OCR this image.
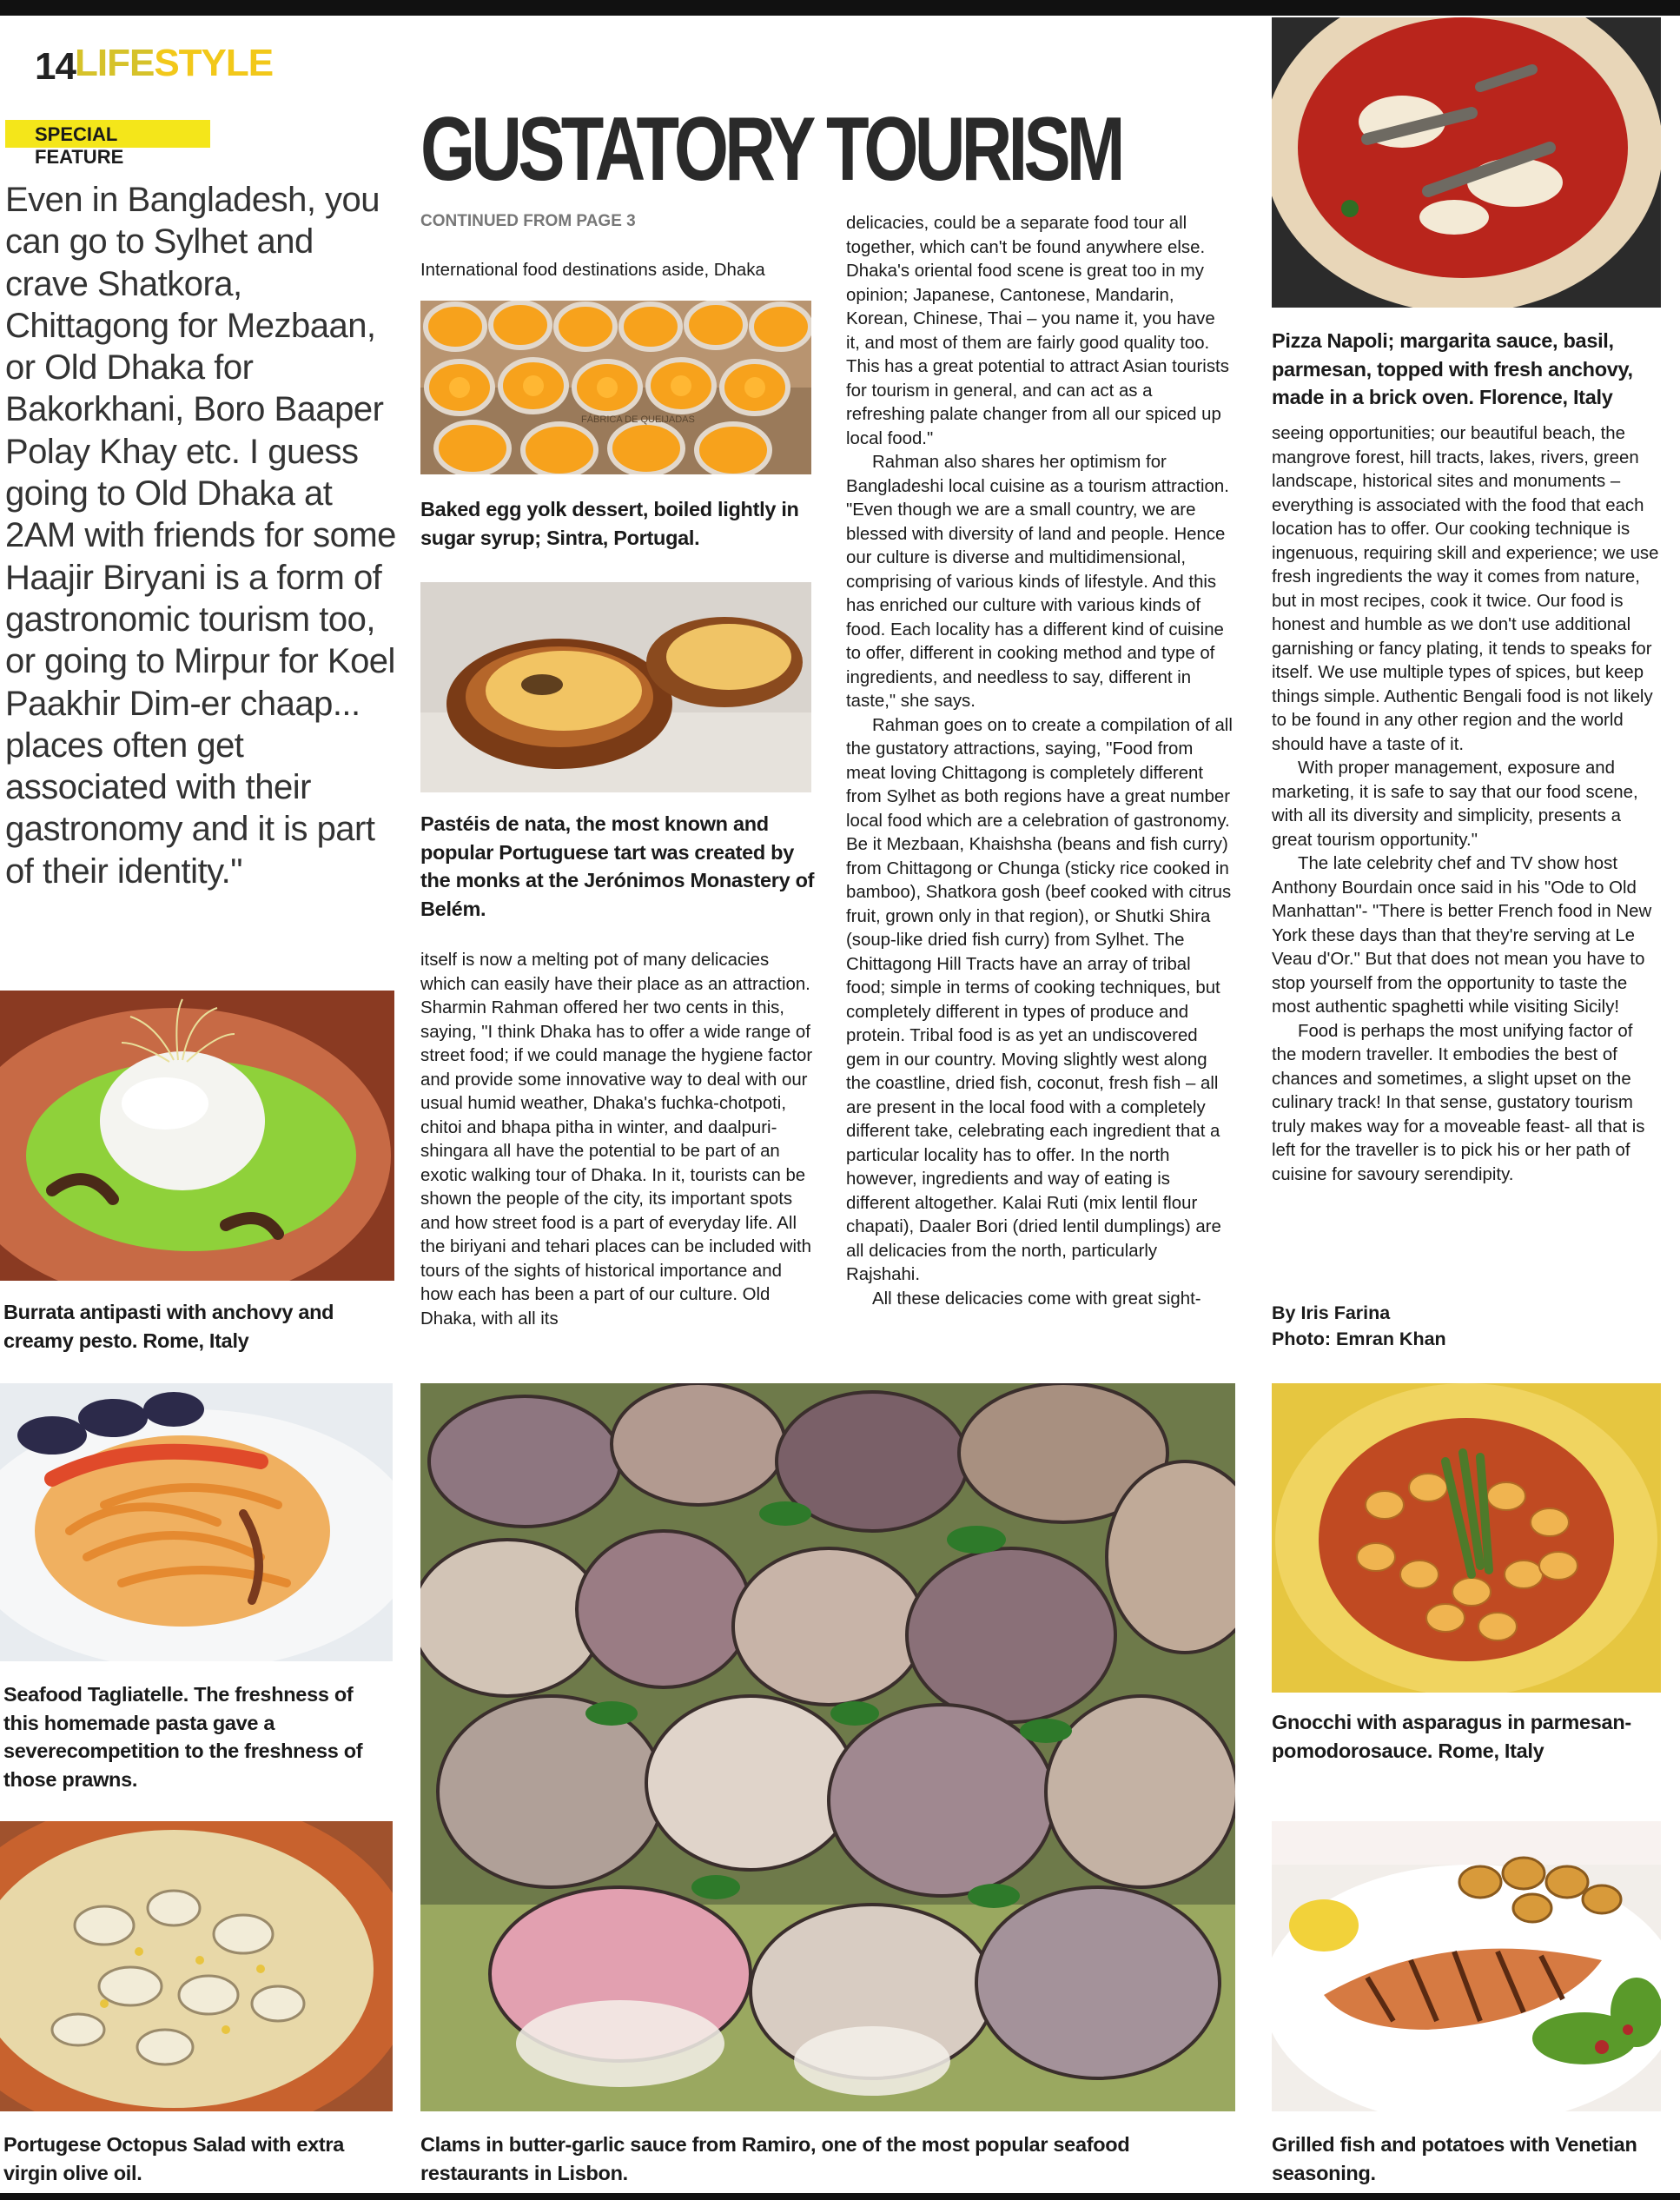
14 LIFESTYLE
SPECIAL FEATURE	GUSTATORY TOURISM
Even in Bangladesh, you can go to Sylhet and crave Shatkora, Chittagong for Mezbaan, or Old Dhaka for Bakorkhani, Boro Baaper Polay Khay etc. I guess going to Old Dhaka at 2AM with friends for some Haajir Biryani is a form of gastronomic tourism too, or going to Mirpur for Koel Paakhir Dim-er chaap... places often get associated with their gastronomy and it is part of their identity."
CONTINUED FROM PAGE 3

International food destinations aside, Dhaka

FÁBRICA DE QUEIJADAS
Baked egg yolk dessert, boiled lightly in sugar syrup; Sintra, Portugal.
Pastéis de nata, the most known and popular Portuguese tart was created by the monks at the Jerónimos Monastery of Belém.

itself is now a melting pot of many delicacies which can easily have their place as an attraction. Sharmin Rahman offered her two cents in this, saying, "I think Dhaka has to offer a wide range of street food; if we could manage the hygiene factor and provide some innovative way to deal with our usual humid weather, Dhaka's fuchka-chotpoti, chitoi and bhapa pitha in winter, and daalpuri-shingara all have the potential to be part of an exotic walking tour of Dhaka. In it, tourists can be shown the people of the city, its important spots and how street food is a part of everyday life. All the biriyani and tehari places can be included with tours of the sights of historical importance and how each has been a part of our culture. Old Dhaka, with all its

delicacies, could be a separate food tour all together, which can't be found anywhere else. Dhaka's oriental food scene is great too in my opinion; Japanese, Cantonese, Mandarin, Korean, Chinese, Thai – you name it, you have it, and most of them are fairly good quality too. This has a great potential to attract Asian tourists for tourism in general, and can act as a refreshing palate changer from all our spiced up local food."

Rahman also shares her optimism for Bangladeshi local cuisine as a tourism attraction. "Even though we are a small country, we are blessed with diversity of land and people. Hence our culture is diverse and multidimensional, comprising of various kinds of lifestyle. And this has enriched our culture with various kinds of food. Each locality has a different kind of cuisine to offer, different in cooking method and type of ingredients, and needless to say, different in taste," she says.

Rahman goes on to create a compilation of all the gustatory attractions, saying, "Food from meat loving Chittagong is completely different from Sylhet as both regions have a great number local food which are a celebration of gastronomy. Be it Mezbaan, Khaishsha (beans and fish curry) from Chittagong or Chunga (sticky rice cooked in bamboo), Shatkora gosh (beef cooked with citrus fruit, grown only in that region), or Shutki Shira (soup-like dried fish curry) from Sylhet. The Chittagong Hill Tracts have an array of tribal food; simple in terms of cooking techniques, but completely different in types of produce and protein. Tribal food is as yet an undiscovered gem in our country. Moving slightly west along the coastline, dried fish, coconut, fresh fish – all are present in the local food with a completely different take, celebrating each ingredient that a particular locality has to offer. In the north however, ingredients and way of eating is different altogether. Kalai Ruti (mix lentil flour chapati), Daaler Bori (dried lentil dumplings) are all delicacies from the north, particularly Rajshahi.

All these delicacies come with great sight-

Pizza Napoli; margarita sauce, basil, parmesan, topped with fresh anchovy, made in a brick oven. Florence, Italy

seeing opportunities; our beautiful beach, the mangrove forest, hill tracts, lakes, rivers, green landscape, historical sites and monuments – everything is associated with the food that each location has to offer. Our cooking technique is ingenuous, requiring skill and experience; we use fresh ingredients the way it comes from nature, but in most recipes, cook it twice. Our food is honest and humble as we don't use additional garnishing or fancy plating, it tends to speaks for itself. We use multiple types of spices, but keep things simple. Authentic Bengali food is not likely to be found in any other region and the world should have a taste of it.

With proper management, exposure and marketing, it is safe to say that our food scene, with all its diversity and simplicity, presents a great tourism opportunity."

The late celebrity chef and TV show host Anthony Bourdain once said in his "Ode to Old Manhattan"- "There is better French food in New York these days than that they're serving at Le Veau d'Or." But that does not mean you have to stop yourself from the opportunity to taste the most authentic spaghetti while visiting Sicily!

Food is perhaps the most unifying factor of the modern traveller. It embodies the best of chances and sometimes, a slight upset on the culinary track! In that sense, gustatory tourism truly makes way for a moveable feast- all that is left for the traveller is to pick his or her path of cuisine for savoury serendipity.

By Iris Farina
Photo: Emran Khan
Burrata antipasti with anchovy and creamy pesto. Rome, Italy
Seafood Tagliatelle. The freshness of this homemade pasta gave a severecompetition to the freshness of those prawns.
Portugese Octopus Salad with extra virgin olive oil.
Clams in butter-garlic sauce from Ramiro, one of the most popular seafood restaurants in Lisbon.
Gnocchi with asparagus in parmesan-pomodorosauce. Rome, Italy
Grilled fish and potatoes with Venetian seasoning.
